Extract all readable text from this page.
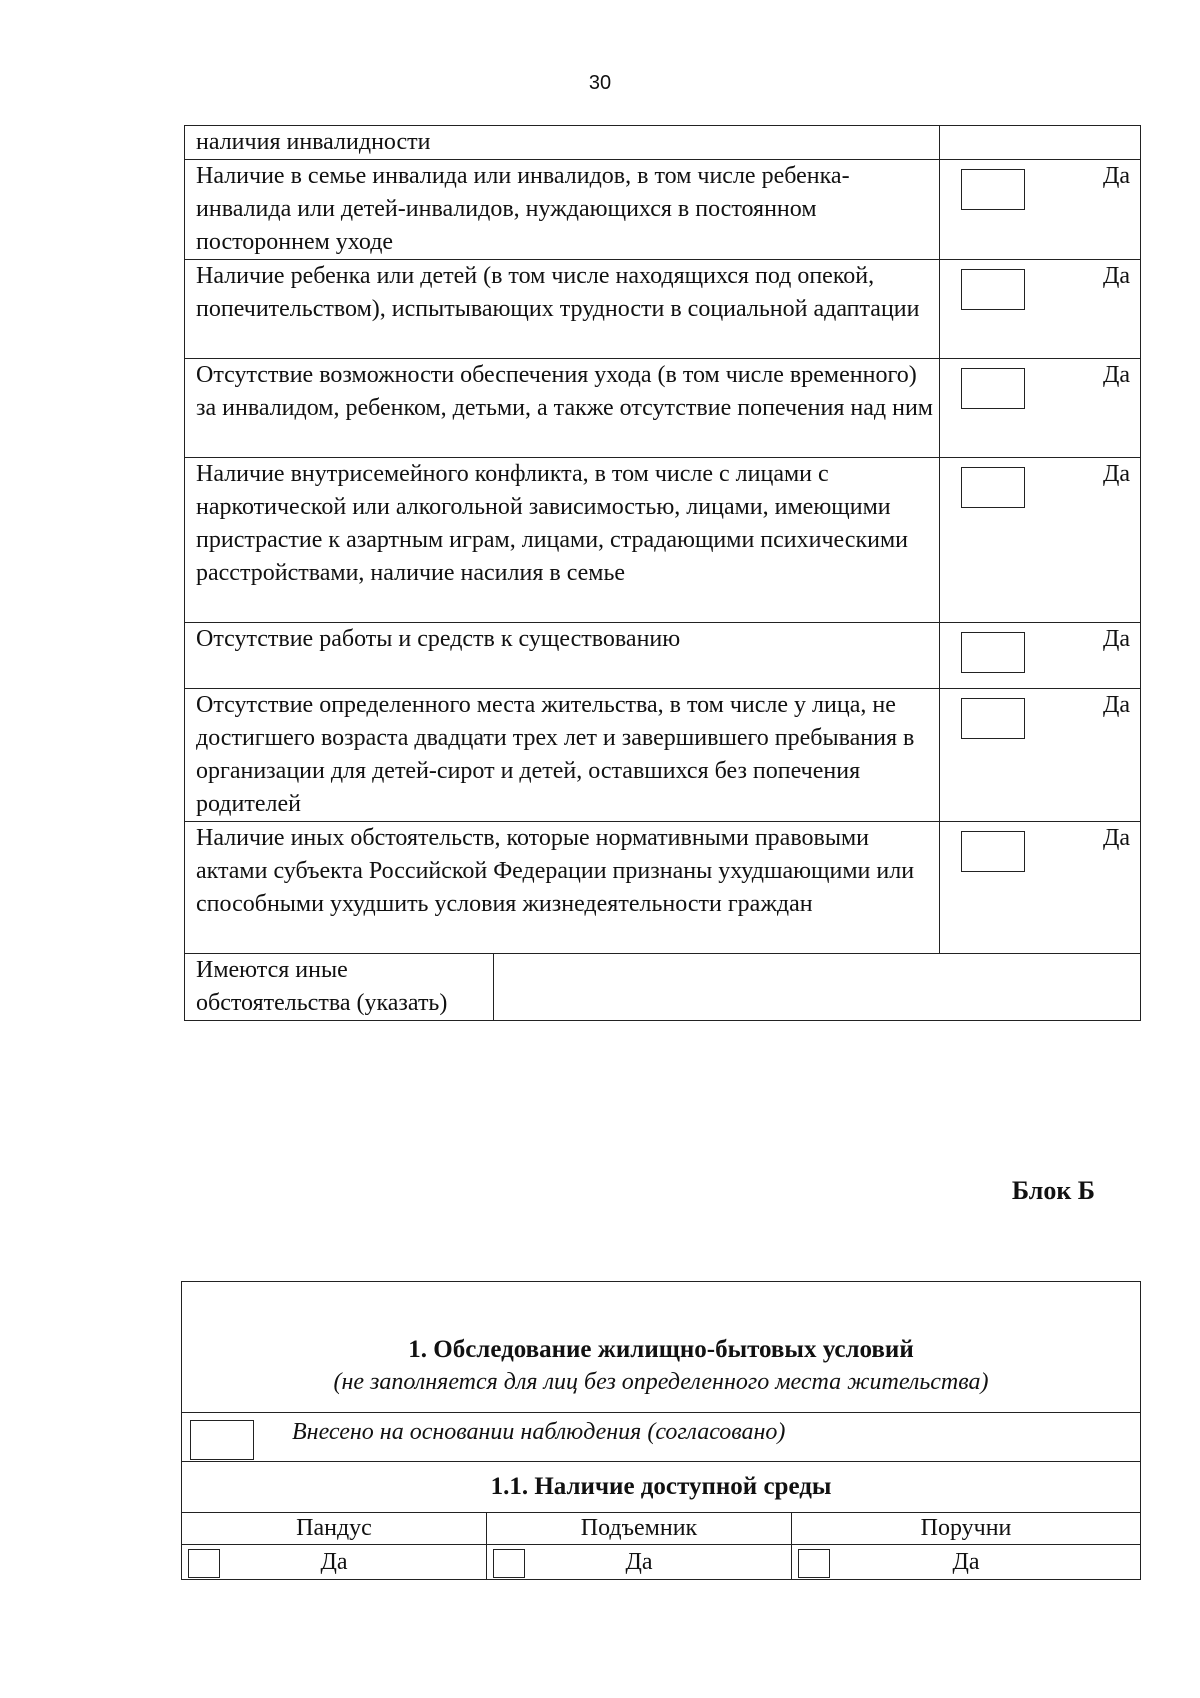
30
наличия инвалидности		
Наличие в семье инвалида или инвалидов, в том числе ребенка-инвалида или детей-инвалидов, нуждающихся в постоянном постороннем уходе		Да

Наличие ребенка или детей (в том числе находящихся под опекой, попечительством), испытывающих трудности в социальной адаптации		Да

Отсутствие возможности обеспечения ухода (в том числе временного) за инвалидом, ребенком, детьми, а также отсутствие попечения над ним		Да

Наличие внутрисемейного конфликта, в том числе с лицами с наркотической или алкогольной зависимостью, лицами, имеющими пристрастие к азартным играм, лицами, страдающими психическими расстройствами, наличие насилия в семье		Да

Отсутствие работы и средств к существованию		Да

Отсутствие определенного места жительства, в том числе у лица, не достигшего возраста двадцати трех лет и завершившего пребывания в организации для детей-сирот и детей, оставшихся без попечения родителей		Да

Наличие иных обстоятельств, которые нормативными правовыми актами субъекта Российской Федерации признаны ухудшающими или способными ухудшить условия жизнедеятельности граждан		Да

Имеются иные обстоятельства (указать)		
Блок Б
1. Обследование жилищно-бытовых условий
(не заполняется для лиц без определенного места жительства)		

Внесено на основании наблюдения (согласовано)		

1.1. Наличие доступной среды		
Пандус	Подъемник	Поручни

Да	Да	Да
